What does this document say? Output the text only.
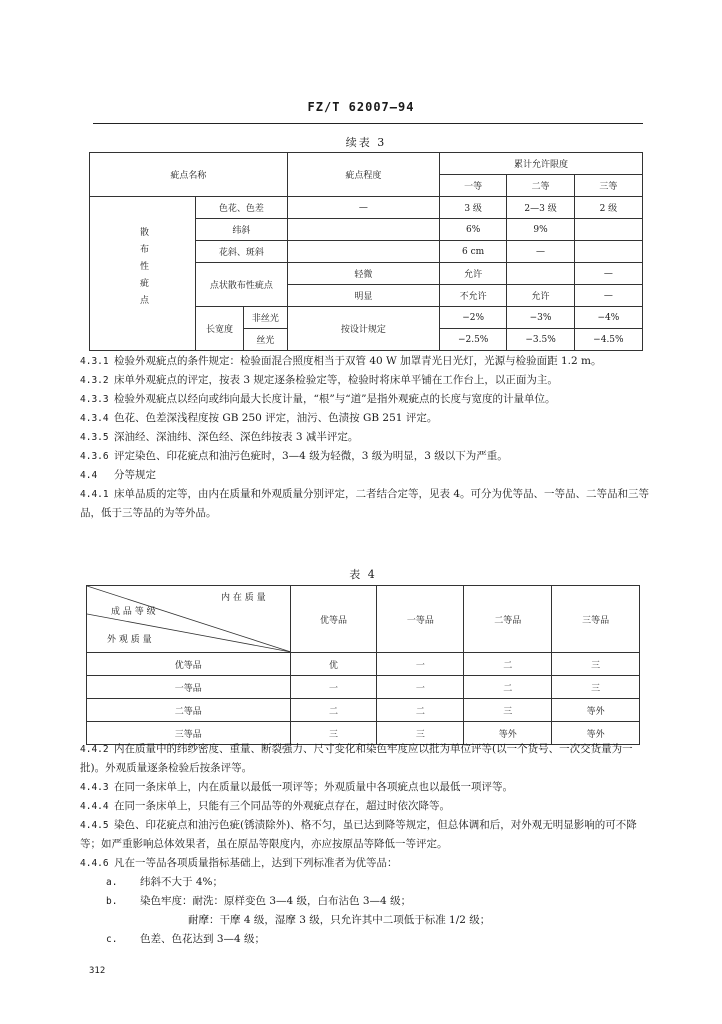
FZ/T 62007—94
续表 3
疵点名称			疵点程度	累计允许限度		
				一等	二等	三等
散布性疵点	色花、色差		—	3 级	2—3 级	2 级
	纬斜			6%	9%	
	花斜、斑斜			6 cm	—	
	点状散布性疵点		轻微	允许		—
			明显	不允许	允许	—
	长宽度	非丝光	按设计规定	−2%	−3%	−4%
		丝光		−2.5%	−3.5%	−4.5%
4.3.1 检验外观疵点的条件规定：检验面混合照度相当于双管 40 W 加罩青光日光灯，光源与检验面距 1.2 m。
4.3.2 床单外观疵点的评定，按表 3 规定逐条检验定等，检验时将床单平铺在工作台上，以正面为主。
4.3.3 检验外观疵点以经向或纬向最大长度计量，“根”与“道”是指外观疵点的长度与宽度的计量单位。
4.3.4 色花、色差深浅程度按 GB 250 评定，油污、色渍按 GB 251 评定。
4.3.5 深油经、深油纬、深色经、深色纬按表 3 减半评定。
4.3.6 评定染色、印花疵点和油污色疵时，3—4 级为轻微，3 级为明显，3 级以下为严重。
4.4 分等规定
4.4.1 床单品质的定等，由内在质量和外观质量分别评定，二者结合定等，见表 4。可分为优等品、一等品、二等品和三等品，低于三等品的为等外品。
表 4
内 在 质 量
成 品 等 级
外 观 质 量	优等品	一等品	二等品	三等品
优等品	优	一	二	三
一等品	一	一	二	三
二等品	二	二	三	等外
三等品	三	三	等外	等外
4.4.2 内在质量中的纬纱密度、重量、断裂强力、尺寸变化和染色牢度应以批为单位评等(以一个货号、一次交货量为一批)。外观质量逐条检验后按条评等。
4.4.3 在同一条床单上，内在质量以最低一项评等；外观质量中各项疵点也以最低一项评等。
4.4.4 在同一条床单上，只能有三个同品等的外观疵点存在，超过时依次降等。
4.4.5 染色、印花疵点和油污色疵(锈渍除外)、格不匀，虽已达到降等规定，但总体调和后，对外观无明显影响的可不降等；如严重影响总体效果者，虽在原品等限度内，亦应按原品等降低一等评定。
4.4.6 凡在一等品各项质量指标基础上，达到下列标准者为优等品：
a. 纬斜不大于 4%；
b. 染色牢度：耐洗：原样变色 3—4 级，白布沾色 3—4 级；
耐摩：干摩 4 级，湿摩 3 级，只允许其中二项低于标准 1/2 级；
c. 色差、色花达到 3—4 级；
312
